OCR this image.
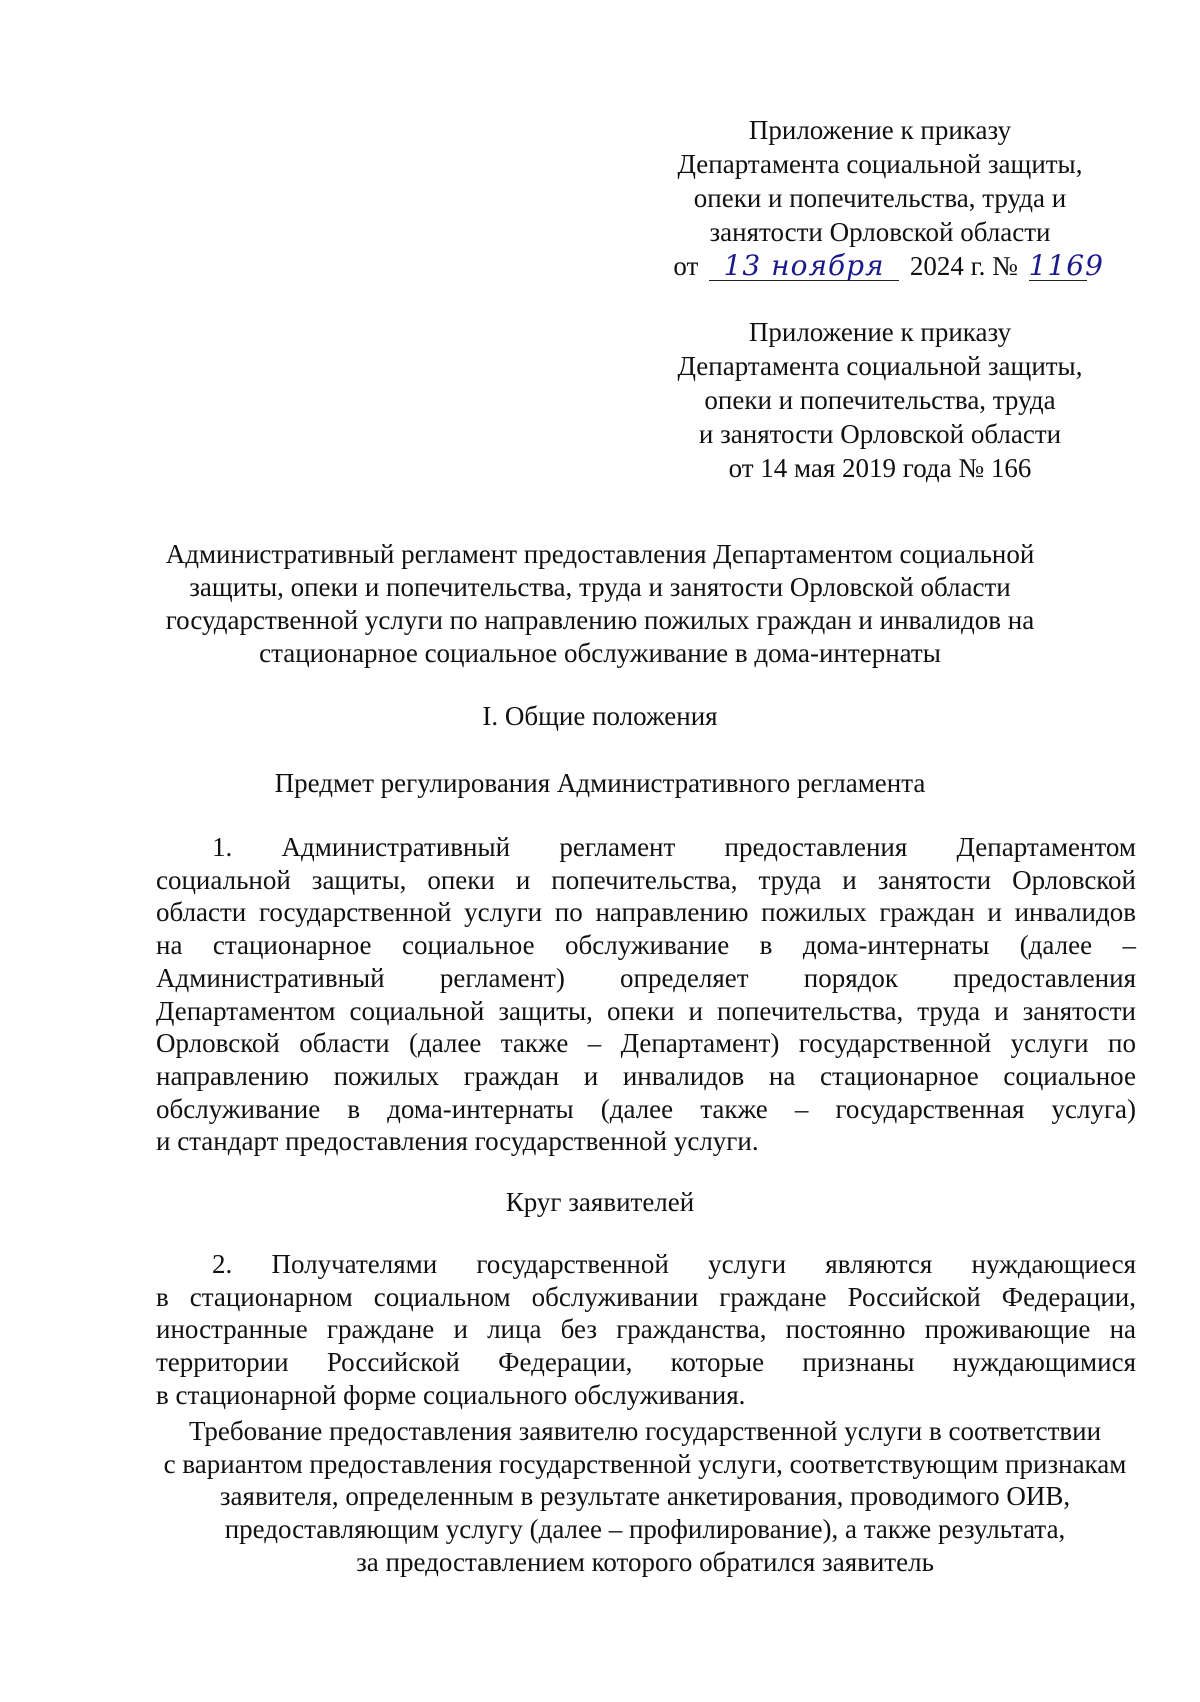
Приложение к приказу

Департамента социальной защиты,

опеки и попечительства, труда и

занятости Орловской области

от 13 ноября 2024 г. № 1169

Приложение к приказу

Департамента социальной защиты,

опеки и попечительства, труда

и занятости Орловской области

от 14 мая 2019 года № 166

Административный регламент предоставления Департаментом социальной

защиты, опеки и попечительства, труда и занятости Орловской области

государственной услуги по направлению пожилых граждан и инвалидов на

стационарное социальное обслуживание в дома-интернаты

I. Общие положения

Предмет регулирования Административного регламента

1. Административный регламент предоставления Департаментом
социальной защиты, опеки и попечительства, труда и занятости Орловской
области государственной услуги по направлению пожилых граждан и инвалидов
на стационарное социальное обслуживание в дома-интернаты (далее –
Административный регламент) определяет порядок предоставления
Департаментом социальной защиты, опеки и попечительства, труда и занятости
Орловской области (далее также – Департамент) государственной услуги по
направлению пожилых граждан и инвалидов на стационарное социальное
обслуживание в дома-интернаты (далее также – государственная услуга)
и стандарт предоставления государственной услуги.

Круг заявителей

2. Получателями государственной услуги являются нуждающиеся
в стационарном социальном обслуживании граждане Российской Федерации,
иностранные граждане и лица без гражданства, постоянно проживающие на
территории Российской Федерации, которые признаны нуждающимися
в стационарной форме социального обслуживания.

Требование предоставления заявителю государственной услуги в соответствии

с вариантом предоставления государственной услуги, соответствующим признакам

заявителя, определенным в результате анкетирования, проводимого ОИВ,

предоставляющим услугу (далее – профилирование), а также результата,

за предоставлением которого обратился заявитель
